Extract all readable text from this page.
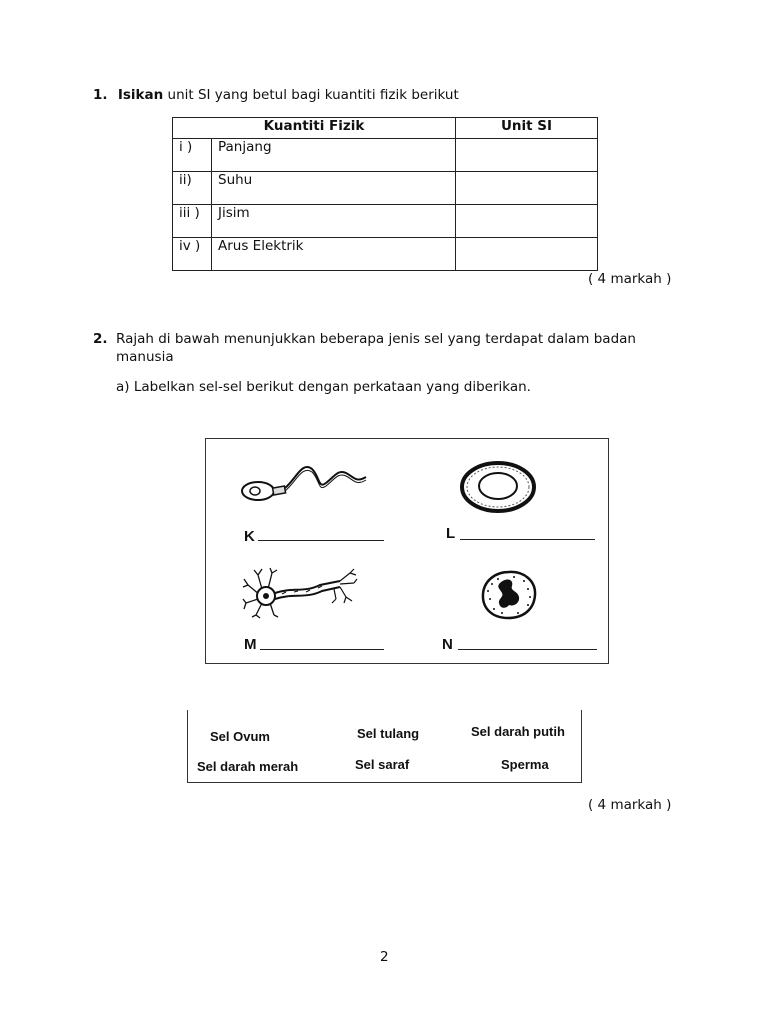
1. Isikan unit SI yang betul bagi kuantiti fizik berikut
Kuantiti Fizik		Unit SI
i )	Panjang	
ii)	Suhu	
iii )	Jisim	
iv )	Arus Elektrik	
( 4 markah )
2. Rajah di bawah menunjukkan beberapa jenis sel yang terdapat dalam badan
manusia
a) Labelkan sel-sel berikut dengan perkataan yang diberikan.
K	L
M	N
Sel Ovum	Sel tulang	Sel darah putih
Sel darah merah	Sel saraf	Sperma
( 4 markah )
2
